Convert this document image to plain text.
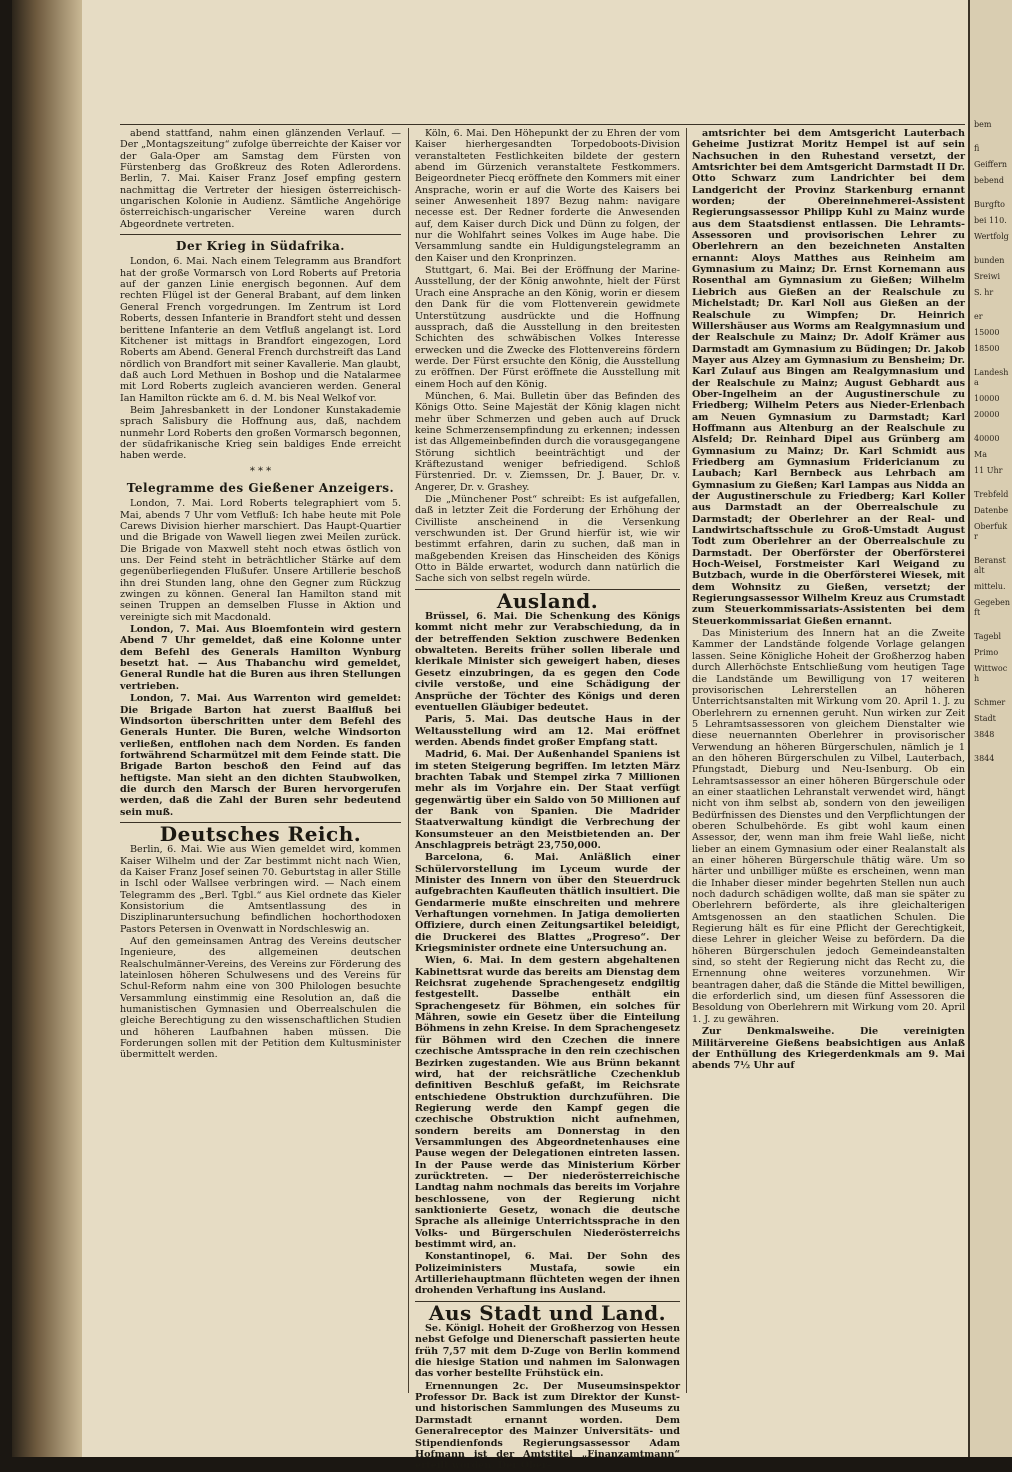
abend stattfand, nahm einen glänzenden Verlauf. — Der „Montagszeitung“ zufolge überreichte der Kaiser vor der Gala-Oper am Samstag dem Fürsten von Fürstenberg das Großkreuz des Roten Adlerordens. Berlin, 7. Mai. Kaiser Franz Josef empfing gestern nachmittag die Vertreter der hiesigen österreichisch-ungarischen Kolonie in Audienz. Sämtliche Angehörige österreichisch-ungarischer Vereine waren durch Abgeordnete vertreten.

Der Krieg in Südafrika.

London, 6. Mai. Nach einem Telegramm aus Brandfort hat der große Vormarsch von Lord Roberts auf Pretoria auf der ganzen Linie energisch begonnen. Auf dem rechten Flügel ist der General Brabant, auf dem linken General French vorgedrungen. Im Zentrum ist Lord Roberts, dessen Infanterie in Brandfort steht und dessen berittene Infanterie an dem Vetfluß angelangt ist. Lord Kitchener ist mittags in Brandfort eingezogen, Lord Roberts am Abend. General French durchstreift das Land nördlich von Brandfort mit seiner Kavallerie. Man glaubt, daß auch Lord Methuen in Boshop und die Natalarmee mit Lord Roberts zugleich avancieren werden. General Ian Hamilton rückte am 6. d. M. bis Neal Welkof vor.

Beim Jahresbankett in der Londoner Kunstakademie sprach Salisbury die Hoffnung aus, daß, nachdem nunmehr Lord Roberts den großen Vormarsch begonnen, der südafrikanische Krieg sein baldiges Ende erreicht haben werde.

* * *
Telegramme des Gießener Anzeigers.

London, 7. Mai. Lord Roberts telegraphiert vom 5. Mai, abends 7 Uhr vom Vetfluß: Ich habe heute mit Pole Carews Division hierher marschiert. Das Haupt-Quartier und die Brigade von Wawell liegen zwei Meilen zurück. Die Brigade von Maxwell steht noch etwas östlich von uns. Der Feind steht in beträchtlicher Stärke auf dem gegenüberliegenden Flußufer. Unsere Artillerie beschoß ihn drei Stunden lang, ohne den Gegner zum Rückzug zwingen zu können. General Ian Hamilton stand mit seinen Truppen an demselben Flusse in Aktion und vereinigte sich mit Macdonald.

London, 7. Mai. Aus Bloemfontein wird gestern Abend 7 Uhr gemeldet, daß eine Kolonne unter dem Befehl des Generals Hamilton Wynburg besetzt hat. — Aus Thabanchu wird gemeldet, General Rundle hat die Buren aus ihren Stellungen vertrieben.

London, 7. Mai. Aus Warrenton wird gemeldet: Die Brigade Barton hat zuerst Baalfluß bei Windsorton überschritten unter dem Befehl des Generals Hunter. Die Buren, welche Windsorton verließen, entflohen nach dem Norden. Es fanden fortwährend Scharmützel mit dem Feinde statt. Die Brigade Barton beschoß den Feind auf das heftigste. Man sieht an den dichten Staubwolken, die durch den Marsch der Buren hervorgerufen werden, daß die Zahl der Buren sehr bedeutend sein muß.

Deutsches Reich.

Berlin, 6. Mai. Wie aus Wien gemeldet wird, kommen Kaiser Wilhelm und der Zar bestimmt nicht nach Wien, da Kaiser Franz Josef seinen 70. Geburtstag in aller Stille in Ischl oder Wallsee verbringen wird. — Nach einem Telegramm des „Berl. Tgbl.“ aus Kiel ordnete das Kieler Konsistorium die Amtsentlassung des in Disziplinaruntersuchung befindlichen hochorthodoxen Pastors Petersen in Ovenwatt in Nordschleswig an.

Auf den gemeinsamen Antrag des Vereins deutscher Ingenieure, des allgemeinen deutschen Realschulmänner-Vereins, des Vereins zur Förderung des lateinlosen höheren Schulwesens und des Vereins für Schul-Reform nahm eine von 300 Philologen besuchte Versammlung einstimmig eine Resolution an, daß die humanistischen Gymnasien und Oberrealschulen die gleiche Berechtigung zu den wissenschaftlichen Studien und höheren Laufbahnen haben müssen. Die Forderungen sollen mit der Petition dem Kultusminister übermittelt werden.

Köln, 6. Mai. Den Höhepunkt der zu Ehren der vom Kaiser hierhergesandten Torpedoboots-Division veranstalteten Festlichkeiten bildete der gestern abend im Gürzenich veranstaltete Festkommers. Beigeordneter Piecq eröffnete den Kommers mit einer Ansprache, worin er auf die Worte des Kaisers bei seiner Anwesenheit 1897 Bezug nahm: navigare necesse est. Der Redner forderte die Anwesenden auf, dem Kaiser durch Dick und Dünn zu folgen, der nur die Wohlfahrt seines Volkes im Auge habe. Die Versammlung sandte ein Huldigungstelegramm an den Kaiser und den Kronprinzen.

Stuttgart, 6. Mai. Bei der Eröffnung der Marine-Ausstellung, der der König anwohnte, hielt der Fürst Urach eine Ansprache an den König, worin er diesem den Dank für die vom Flottenverein gewidmete Unterstützung ausdrückte und die Hoffnung aussprach, daß die Ausstellung in den breitesten Schichten des schwäbischen Volkes Interesse erwecken und die Zwecke des Flottenvereins fördern werde. Der Fürst ersuchte den König, die Ausstellung zu eröffnen. Der Fürst eröffnete die Ausstellung mit einem Hoch auf den König.

München, 6. Mai. Bulletin über das Befinden des Königs Otto. Seine Majestät der König klagen nicht mehr über Schmerzen und geben auch auf Druck keine Schmerzensempfindung zu erkennen; indessen ist das Allgemeinbefinden durch die vorausgegangene Störung sichtlich beeinträchtigt und der Kräftezustand weniger befriedigend. Schloß Fürstenried. Dr. v. Ziemssen, Dr. J. Bauer, Dr. v. Angerer, Dr. v. Grashey.

Die „Münchener Post“ schreibt: Es ist aufgefallen, daß in letzter Zeit die Forderung der Erhöhung der Civilliste anscheinend in die Versenkung verschwunden ist. Der Grund hierfür ist, wie wir bestimmt erfahren, darin zu suchen, daß man in maßgebenden Kreisen das Hinscheiden des Königs Otto in Bälde erwartet, wodurch dann natürlich die Sache sich von selbst regeln würde.

Ausland.

Brüssel, 6. Mai. Die Schenkung des Königs kommt nicht mehr zur Verabschiedung, da in der betreffenden Sektion zuschwere Bedenken obwalteten. Bereits früher sollen liberale und klerikale Minister sich geweigert haben, dieses Gesetz einzubringen, da es gegen den Code civile verstoße, und eine Schädigung der Ansprüche der Töchter des Königs und deren eventuellen Gläubiger bedeutet.

Paris, 5. Mai. Das deutsche Haus in der Weltausstellung wird am 12. Mai eröffnet werden. Abends findet großer Empfang statt.

Madrid, 6. Mai. Der Außenhandel Spaniens ist im steten Steigerung begriffen. Im letzten März brachten Tabak und Stempel zirka 7 Millionen mehr als im Vorjahre ein. Der Staat verfügt gegenwärtig über ein Saldo von 50 Millionen auf der Bank von Spanien. Die Madrider Staatverwaltung kündigt die Verbrechung der Konsumsteuer an den Meistbietenden an. Der Anschlagpreis beträgt 23,750,000.

Barcelona, 6. Mai. Anläßlich einer Schülervorstellung im Lyceum wurde der Minister des Innern von über den Steuerdruck aufgebrachten Kaufleuten thätlich insultiert. Die Gendarmerie mußte einschreiten und mehrere Verhaftungen vornehmen. In Jatiga demolierten Offiziere, durch einen Zeitungsartikel beleidigt, die Druckerei des Blattes „Progreso“. Der Kriegsminister ordnete eine Untersuchung an.

Wien, 6. Mai. In dem gestern abgehaltenen Kabinettsrat wurde das bereits am Dienstag dem Reichsrat zugehende Sprachengesetz endgiltig festgestellt. Dasselbe enthält ein Sprachengesetz für Böhmen, ein solches für Mähren, sowie ein Gesetz über die Einteilung Böhmens in zehn Kreise. In dem Sprachengesetz für Böhmen wird den Czechen die innere czechische Amtssprache in den rein czechischen Bezirken zugestanden. Wie aus Brünn bekannt wird, hat der reichsrätliche Czechenklub definitiven Beschluß gefaßt, im Reichsrate entschiedene Obstruktion durchzuführen. Die Regierung werde den Kampf gegen die czechische Obstruktion nicht aufnehmen, sondern bereits am Donnerstag in den Versammlungen des Abgeordnetenhauses eine Pause wegen der Delegationen eintreten lassen. In der Pause werde das Ministerium Körber zurücktreten. — Der niederösterreichische Landtag nahm nochmals das bereits im Vorjahre beschlossene, von der Regierung nicht sanktionierte Gesetz, wonach die deutsche Sprache als alleinige Unterrichtssprache in den Volks- und Bürgerschulen Niederösterreichs bestimmt wird, an.

Konstantinopel, 6. Mai. Der Sohn des Polizeiministers Mustafa, sowie ein Artilleriehauptmann flüchteten wegen der ihnen drohenden Verhaftung ins Ausland.

Aus Stadt und Land.

Se. Königl. Hoheit der Großherzog von Hessen nebst Gefolge und Dienerschaft passierten heute früh 7,57 mit dem D-Zuge von Berlin kommend die hiesige Station und nahmen im Salonwagen das vorher bestellte Frühstück ein.

Ernennungen 2c. Der Museumsinspektor Professor Dr. Back ist zum Direktor der Kunst- und historischen Sammlungen des Museums zu Darmstadt ernannt worden. Dem Generalreceptor des Mainzer Universitäts- und Stipendienfonds Regierungsassessor Adam Hofmann ist der Amtstitel „Finanzamtmann“ erteilt worden. Der Ober-

amtsrichter bei dem Amtsgericht Lauterbach Geheime Justizrat Moritz Hempel ist auf sein Nachsuchen in den Ruhestand versetzt, der Amtsrichter bei dem Amtsgericht Darmstadt II Dr. Otto Schwarz zum Landrichter bei dem Landgericht der Provinz Starkenburg ernannt worden; der Obereinnehmerei-Assistent Regierungsassessor Philipp Kuhl zu Mainz wurde aus dem Staatsdienst entlassen. Die Lehramts-Assessoren und provisorischen Lehrer zu Oberlehrern an den bezeichneten Anstalten ernannt: Aloys Matthes aus Reinheim am Gymnasium zu Mainz; Dr. Ernst Kornemann aus Rosenthal am Gymnasium zu Gießen; Wilhelm Liebrich aus Gießen an der Realschule zu Michelstadt; Dr. Karl Noll aus Gießen an der Realschule zu Wimpfen; Dr. Heinrich Willershäuser aus Worms am Realgymnasium und der Realschule zu Mainz; Dr. Adolf Krämer aus Darmstadt am Gymnasium zu Büdingen; Dr. Jakob Mayer aus Alzey am Gymnasium zu Bensheim; Dr. Karl Zulauf aus Bingen am Realgymnasium und der Realschule zu Mainz; August Gebhardt aus Ober-Ingelheim an der Augustinerschule zu Friedberg; Wilhelm Peters aus Nieder-Erlenbach am Neuen Gymnasium zu Darmstadt; Karl Hoffmann aus Altenburg an der Realschule zu Alsfeld; Dr. Reinhard Dipel aus Grünberg am Gymnasium zu Mainz; Dr. Karl Schmidt aus Friedberg am Gymnasium Fridericianum zu Laubach; Karl Bernbeck aus Lehrbach am Gymnasium zu Gießen; Karl Lampas aus Nidda an der Augustinerschule zu Friedberg; Karl Koller aus Darmstadt an der Oberrealschule zu Darmstadt; der Oberlehrer an der Real- und Landwirtschaftsschule zu Groß-Umstadt August Todt zum Oberlehrer an der Oberrealschule zu Darmstadt. Der Oberförster der Oberförsterei Hoch-Weisel, Forstmeister Karl Weigand zu Butzbach, wurde in die Oberförsterei Wiesek, mit dem Wohnsitz zu Gießen, versetzt; der Regierungsassessor Wilhelm Kreuz aus Crumstadt zum Steuerkommissariats-Assistenten bei dem Steuerkommissariat Gießen ernannt.

Das Ministerium des Innern hat an die Zweite Kammer der Landstände folgende Vorlage gelangen lassen. Seine Königliche Hoheit der Großherzog haben durch Allerhöchste Entschließung vom heutigen Tage die Landstände um Bewilligung von 17 weiteren provisorischen Lehrerstellen an höheren Unterrichtsanstalten mit Wirkung vom 20. April 1. J. zu Oberlehrern zu ernennen geruht. Nun wirken zur Zeit 5 Lehramtsassessoren von gleichem Dienstalter wie diese neuernannten Oberlehrer in provisorischer Verwendung an höheren Bürgerschulen, nämlich je 1 an den höheren Bürgerschulen zu Vilbel, Lauterbach, Pfungstadt, Dieburg und Neu-Isenburg. Ob ein Lehramtsassessor an einer höheren Bürgerschule oder an einer staatlichen Lehranstalt verwendet wird, hängt nicht von ihm selbst ab, sondern von den jeweiligen Bedürfnissen des Dienstes und den Verpflichtungen der oberen Schulbehörde. Es gibt wohl kaum einen Assessor, der, wenn man ihm freie Wahl ließe, nicht lieber an einem Gymnasium oder einer Realanstalt als an einer höheren Bürgerschule thätig wäre. Um so härter und unbilliger müßte es erscheinen, wenn man die Inhaber dieser minder begehrten Stellen nun auch noch dadurch schädigen wollte, daß man sie später zu Oberlehrern beförderte, als ihre gleichalterigen Amtsgenossen an den staatlichen Schulen. Die Regierung hält es für eine Pflicht der Gerechtigkeit, diese Lehrer in gleicher Weise zu befördern. Da die höheren Bürgerschulen jedoch Gemeindeanstalten sind, so steht der Regierung nicht das Recht zu, die Ernennung ohne weiteres vorzunehmen. Wir beantragen daher, daß die Stände die Mittel bewilligen, die erforderlich sind, um diesen fünf Assessoren die Besoldung von Oberlehrern mit Wirkung vom 20. April 1. J. zu gewähren.

Zur Denkmalsweihe. Die vereinigten Militärvereine Gießens beabsichtigen aus Anlaß der Enthüllung des Kriegerdenkmals am 9. Mai abends 7½ Uhr auf

bem
fi
Geiffern
bebend
Burgfto
bei 110.
Wertfolg
bunden
Sreiwi
S. hr
er
15000
18500
Landesha
10000
20000
40000
Ma
11 Uhr
Trebfeld
Datenbe
Oberfukr
Beranstalt
mittelu.
Gegebenft
Tagebl
Primo
Wittwoch
Schmer
Stadt
3848
3844
